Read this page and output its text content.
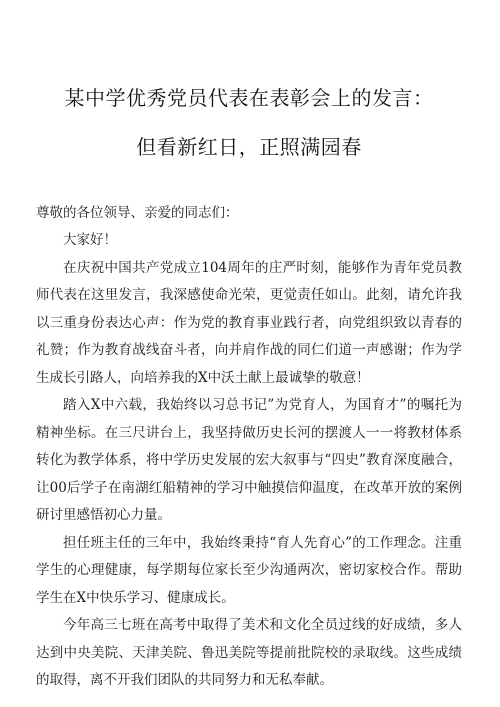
某中学优秀党员代表在表彰会上的发言：
但看新红日，正照满园春
尊敬的各位领导、亲爱的同志们：

大家好！

在庆祝中国共产党成立104周年的庄严时刻，能够作为青年党员教师代表在这里发言，我深感使命光荣，更觉责任如山。此刻，请允许我以三重身份表达心声：作为党的教育事业践行者，向党组织致以青春的礼赞；作为教育战线奋斗者，向并肩作战的同仁们道一声感谢；作为学生成长引路人，向培养我的X中沃土献上最诚挚的敬意！

踏入X中六载，我始终以习总书记”为党育人，为国育才”的嘱托为精神坐标。在三尺讲台上，我坚持做历史长河的摆渡人一一将教材体系转化为教学体系，将中学历史发展的宏大叙事与“四史”教育深度融合，让00后学子在南湖红船精神的学习中触摸信仰温度，在改革开放的案例研讨里感悟初心力量。

担任班主任的三年中，我始终秉持“育人先育心”的工作理念。注重学生的心理健康，每学期每位家长至少沟通两次，密切家校合作。帮助学生在X中快乐学习、健康成长。

今年高三七班在高考中取得了美术和文化全员过线的好成绩，多人达到中央美院、天津美院、鲁迅美院等提前批院校的录取线。这些成绩的取得，离不开我们团队的共同努力和无私奉献。
